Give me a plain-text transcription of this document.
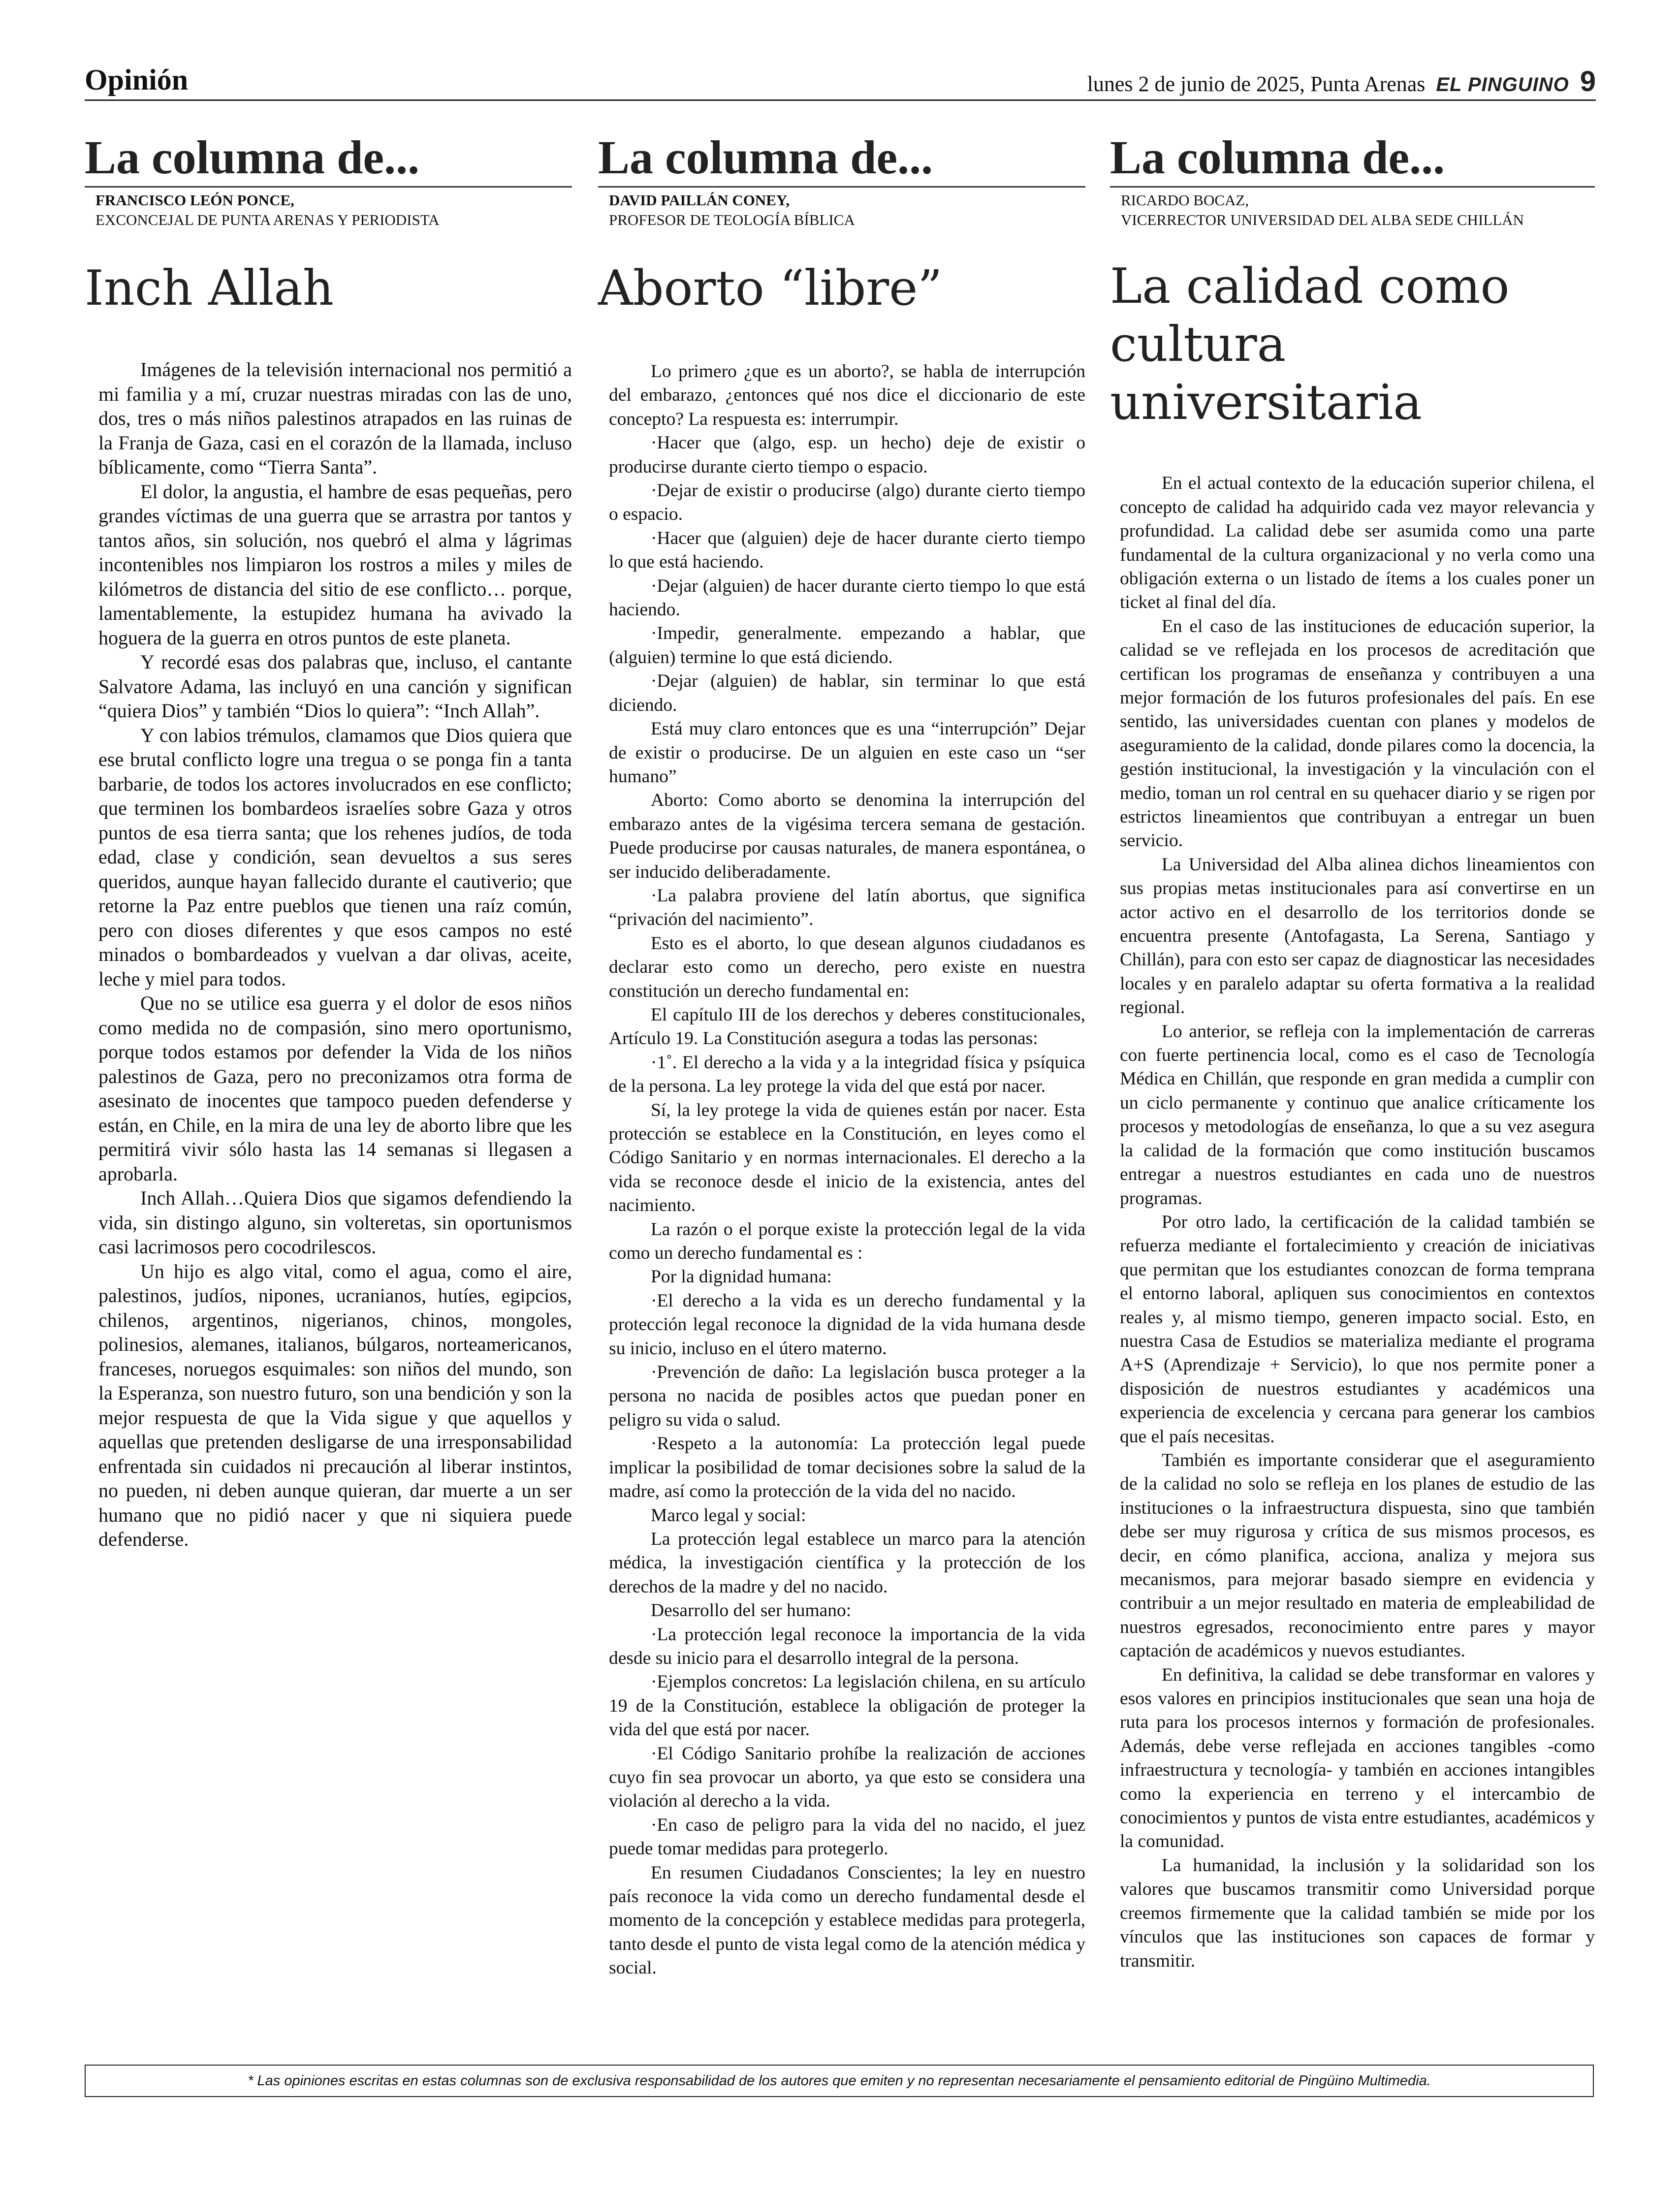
Opinión	lunes 2 de junio de 2025, Punta Arenas EL PINGUINO 9
La columna de...
FRANCISCO LEÓN PONCE,
EXCONCEJAL DE PUNTA ARENAS Y PERIODISTA
Inch Allah

Imágenes de la televisión internacional nos permitió a mi familia y a mí, cruzar nuestras miradas con las de uno, dos, tres o más niños palestinos atrapados en las ruinas de la Franja de Gaza, casi en el corazón de la llamada, incluso bíblicamente, como “Tierra Santa”.

El dolor, la angustia, el hambre de esas pequeñas, pero grandes víctimas de una guerra que se arrastra por tantos y tantos años, sin solución, nos quebró el alma y lágrimas incontenibles nos limpiaron los rostros a miles y miles de kilómetros de distancia del sitio de ese conflicto… porque, lamentablemente, la estupidez humana ha avivado la hoguera de la guerra en otros puntos de este planeta.

Y recordé esas dos palabras que, incluso, el cantante Salvatore Adama, las incluyó en una canción y significan “quiera Dios” y también “Dios lo quiera”: “Inch Allah”.

Y con labios trémulos, clamamos que Dios quiera que ese brutal conflicto logre una tregua o se ponga fin a tanta barbarie, de todos los actores involucrados en ese conflicto; que terminen los bombardeos israelíes sobre Gaza y otros puntos de esa tierra santa; que los rehenes judíos, de toda edad, clase y condición, sean devueltos a sus seres queridos, aunque hayan fallecido durante el cautiverio; que retorne la Paz entre pueblos que tienen una raíz común, pero con dioses diferentes y que esos campos no esté minados o bombardeados y vuelvan a dar olivas, aceite, leche y miel para todos.

Que no se utilice esa guerra y el dolor de esos niños como medida no de compasión, sino mero oportunismo, porque todos estamos por defender la Vida de los niños palestinos de Gaza, pero no preconizamos otra forma de asesinato de inocentes que tampoco pueden defenderse y están, en Chile, en la mira de una ley de aborto libre que les permitirá vivir sólo hasta las 14 semanas si llegasen a aprobarla.

Inch Allah…Quiera Dios que sigamos defendiendo la vida, sin distingo alguno, sin volteretas, sin oportunismos casi lacrimosos pero cocodrilescos.

Un hijo es algo vital, como el agua, como el aire, palestinos, judíos, nipones, ucranianos, hutíes, egipcios, chilenos, argentinos, nigerianos, chinos, mongoles, polinesios, alemanes, italianos, búlgaros, norteamericanos, franceses, noruegos esquimales: son niños del mundo, son la Esperanza, son nuestro futuro, son una bendición y son la mejor respuesta de que la Vida sigue y que aquellos y aquellas que pretenden desligarse de una irresponsabilidad enfrentada sin cuidados ni precaución al liberar instintos, no pueden, ni deben aunque quieran, dar muerte a un ser humano que no pidió nacer y que ni siquiera puede defenderse.

La columna de...
DAVID PAILLÁN CONEY,
PROFESOR DE TEOLOGÍA BÍBLICA
Aborto “libre”

Lo primero ¿que es un aborto?, se habla de interrupción del embarazo, ¿entonces qué nos dice el diccionario de este concepto? La respuesta es: interrumpir.

·Hacer que (algo, esp. un hecho) deje de existir o producirse durante cierto tiempo o espacio.

·Dejar de existir o producirse (algo) durante cierto tiempo o espacio.

·Hacer que (alguien) deje de hacer durante cierto tiempo lo que está haciendo.

·Dejar (alguien) de hacer durante cierto tiempo lo que está haciendo.

·Impedir, generalmente. empezando a hablar, que (alguien) termine lo que está diciendo.

·Dejar (alguien) de hablar, sin terminar lo que está diciendo.

Está muy claro entonces que es una “interrupción” Dejar de existir o producirse. De un alguien en este caso un “ser humano”

Aborto: Como aborto se denomina la interrupción del embarazo antes de la vigésima tercera semana de gestación. Puede producirse por causas naturales, de manera espontánea, o ser inducido deliberadamente.

·La palabra proviene del latín abortus, que significa “privación del nacimiento”.

Esto es el aborto, lo que desean algunos ciudadanos es declarar esto como un derecho, pero existe en nuestra constitución un derecho fundamental en:

El capítulo III de los derechos y deberes constitucionales, Artículo 19. La Constitución asegura a todas las personas:

·1˚. El derecho a la vida y a la integridad física y psíquica de la persona. La ley protege la vida del que está por nacer.

Sí, la ley protege la vida de quienes están por nacer. Esta protección se establece en la Constitución, en leyes como el Código Sanitario y en normas internacionales. El derecho a la vida se reconoce desde el inicio de la existencia, antes del nacimiento.

La razón o el porque existe la protección legal de la vida como un derecho fundamental es :

Por la dignidad humana:

·El derecho a la vida es un derecho fundamental y la protección legal reconoce la dignidad de la vida humana desde su inicio, incluso en el útero materno.

·Prevención de daño: La legislación busca proteger a la persona no nacida de posibles actos que puedan poner en peligro su vida o salud.

·Respeto a la autonomía: La protección legal puede implicar la posibilidad de tomar decisiones sobre la salud de la madre, así como la protección de la vida del no nacido.

Marco legal y social:

La protección legal establece un marco para la atención médica, la investigación científica y la protección de los derechos de la madre y del no nacido.

Desarrollo del ser humano:

·La protección legal reconoce la importancia de la vida desde su inicio para el desarrollo integral de la persona.

·Ejemplos concretos: La legislación chilena, en su artículo 19 de la Constitución, establece la obligación de proteger la vida del que está por nacer.

·El Código Sanitario prohíbe la realización de acciones cuyo fin sea provocar un aborto, ya que esto se considera una violación al derecho a la vida.

·En caso de peligro para la vida del no nacido, el juez puede tomar medidas para protegerlo.

En resumen Ciudadanos Conscientes; la ley en nuestro país reconoce la vida como un derecho fundamental desde el momento de la concepción y establece medidas para protegerla, tanto desde el punto de vista legal como de la atención médica y social.

La columna de...
RICARDO BOCAZ,
VICERRECTOR UNIVERSIDAD DEL ALBA SEDE CHILLÁN
La calidad como cultura universitaria

En el actual contexto de la educación superior chilena, el concepto de calidad ha adquirido cada vez mayor relevancia y profundidad. La calidad debe ser asumida como una parte fundamental de la cultura organizacional y no verla como una obligación externa o un listado de ítems a los cuales poner un ticket al final del día.

En el caso de las instituciones de educación superior, la calidad se ve reflejada en los procesos de acreditación que certifican los programas de enseñanza y contribuyen a una mejor formación de los futuros profesionales del país. En ese sentido, las universidades cuentan con planes y modelos de aseguramiento de la calidad, donde pilares como la docencia, la gestión institucional, la investigación y la vinculación con el medio, toman un rol central en su quehacer diario y se rigen por estrictos lineamientos que contribuyan a entregar un buen servicio.

La Universidad del Alba alinea dichos lineamientos con sus propias metas institucionales para así convertirse en un actor activo en el desarrollo de los territorios donde se encuentra presente (Antofagasta, La Serena, Santiago y Chillán), para con esto ser capaz de diagnosticar las necesidades locales y en paralelo adaptar su oferta formativa a la realidad regional.

Lo anterior, se refleja con la implementación de carreras con fuerte pertinencia local, como es el caso de Tecnología Médica en Chillán, que responde en gran medida a cumplir con un ciclo permanente y continuo que analice críticamente los procesos y metodologías de enseñanza, lo que a su vez asegura la calidad de la formación que como institución buscamos entregar a nuestros estudiantes en cada uno de nuestros programas.

Por otro lado, la certificación de la calidad también se refuerza mediante el fortalecimiento y creación de iniciativas que permitan que los estudiantes conozcan de forma temprana el entorno laboral, apliquen sus conocimientos en contextos reales y, al mismo tiempo, generen impacto social. Esto, en nuestra Casa de Estudios se materializa mediante el programa A+S (Aprendizaje + Servicio), lo que nos permite poner a disposición de nuestros estudiantes y académicos una experiencia de excelencia y cercana para generar los cambios que el país necesitas.

También es importante considerar que el aseguramiento de la calidad no solo se refleja en los planes de estudio de las instituciones o la infraestructura dispuesta, sino que también debe ser muy rigurosa y crítica de sus mismos procesos, es decir, en cómo planifica, acciona, analiza y mejora sus mecanismos, para mejorar basado siempre en evidencia y contribuir a un mejor resultado en materia de empleabilidad de nuestros egresados, reconocimiento entre pares y mayor captación de académicos y nuevos estudiantes.

En definitiva, la calidad se debe transformar en valores y esos valores en principios institucionales que sean una hoja de ruta para los procesos internos y formación de profesionales. Además, debe verse reflejada en acciones tangibles -como infraestructura y tecnología- y también en acciones intangibles como la experiencia en terreno y el intercambio de conocimientos y puntos de vista entre estudiantes, académicos y la comunidad.

La humanidad, la inclusión y la solidaridad son los valores que buscamos transmitir como Universidad porque creemos firmemente que la calidad también se mide por los vínculos que las instituciones son capaces de formar y transmitir.

* Las opiniones escritas en estas columnas son de exclusiva responsabilidad de los autores que emiten y no representan necesariamente el pensamiento editorial de Pingüino Multimedia.
